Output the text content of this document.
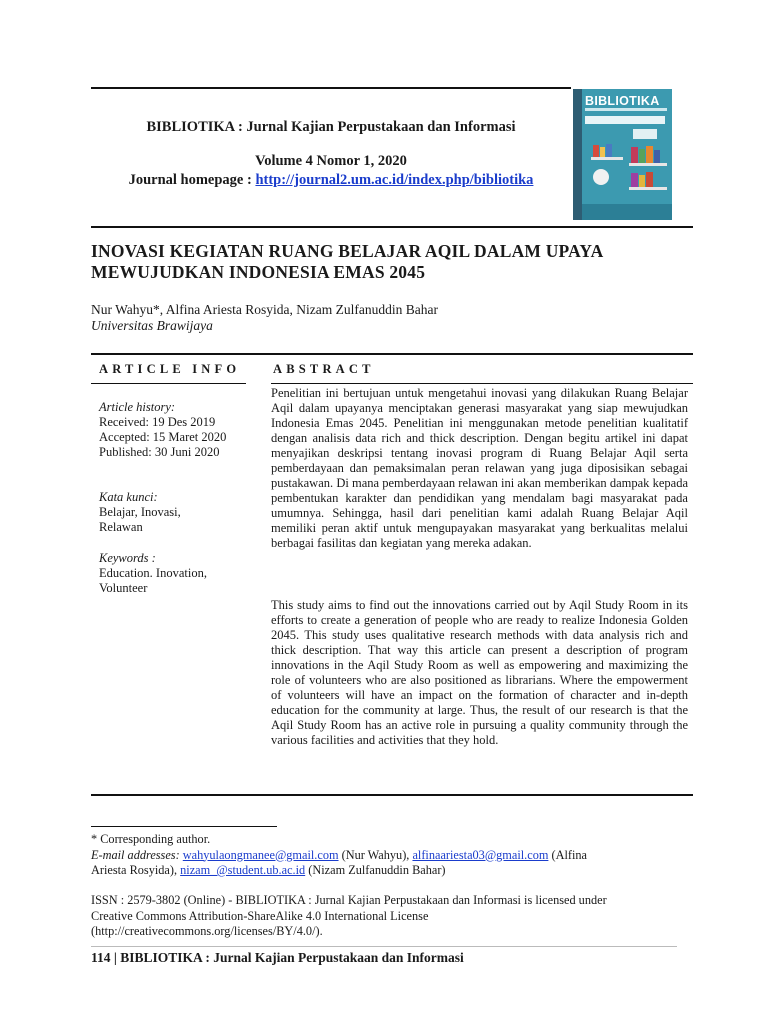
BIBLIOTIKA : Jurnal Kajian Perpustakaan dan Informasi
Volume 4 Nomor 1, 2020
Journal homepage : http://journal2.um.ac.id/index.php/bibliotika
BIBLIOTIKA
INOVASI KEGIATAN RUANG BELAJAR AQIL DALAM UPAYA MEWUJUDKAN INDONESIA EMAS 2045
Nur Wahyu*, Alfina Ariesta Rosyida, Nizam Zulfanuddin Bahar
Universitas Brawijaya
ARTICLE INFO
Article history:
Received: 19 Des 2019
Accepted: 15 Maret 2020
Published: 30 Juni 2020
Kata kunci:
Belajar, Inovasi,
Relawan
Keywords :
Education. Inovation,
Volunteer
ABSTRACT
Penelitian ini bertujuan untuk mengetahui inovasi yang dilakukan Ruang Belajar Aqil dalam upayanya menciptakan generasi masyarakat yang siap mewujudkan Indonesia Emas 2045. Penelitian ini menggunakan metode penelitian kualitatif dengan analisis data rich and thick description. Dengan begitu artikel ini dapat menyajikan deskripsi tentang inovasi program di Ruang Belajar Aqil serta pemberdayaan dan pemaksimalan peran relawan yang juga diposisikan sebagai pustakawan. Di mana pemberdayaan relawan ini akan memberikan dampak kepada pembentukan karakter dan pendidikan yang mendalam bagi masyarakat pada umumnya. Sehingga, hasil dari penelitian kami adalah Ruang Belajar Aqil memiliki peran aktif untuk mengupayakan masyarakat yang berkualitas melalui berbagai fasilitas dan kegiatan yang mereka adakan.
This study aims to find out the innovations carried out by Aqil Study Room in its efforts to create a generation of people who are ready to realize Indonesia Golden 2045. This study uses qualitative research methods with data analysis rich and thick description. That way this article can present a description of program innovations in the Aqil Study Room as well as empowering and maximizing the role of volunteers who are also positioned as librarians. Where the empowerment of volunteers will have an impact on the formation of character and in-depth education for the community at large. Thus, the result of our research is that the Aqil Study Room has an active role in pursuing a quality community through the various facilities and activities that they hold.
* Corresponding author.
E-mail addresses: wahyulaongmanee@gmail.com (Nur Wahyu), alfinaariesta03@gmail.com (Alfina
Ariesta Rosyida), nizam_@student.ub.ac.id (Nizam Zulfanuddin Bahar)
ISSN : 2579-3802 (Online) - BIBLIOTIKA : Jurnal Kajian Perpustakaan dan Informasi is licensed under
Creative Commons Attribution-ShareAlike 4.0 International License
(http://creativecommons.org/licenses/BY/4.0/).
114 | BIBLIOTIKA : Jurnal Kajian Perpustakaan dan Informasi
